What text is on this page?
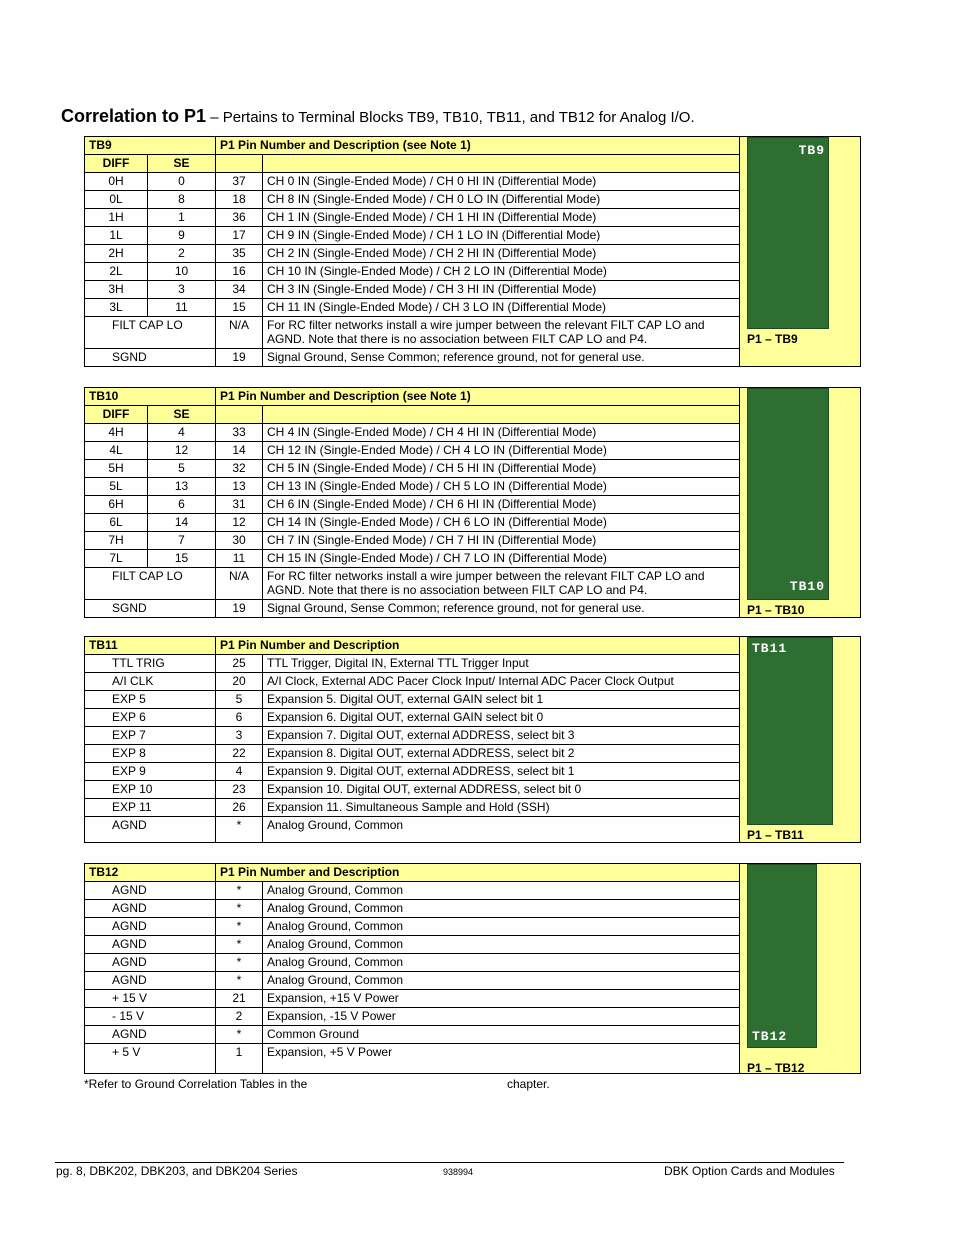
Correlation to P1 – Pertains to Terminal Blocks TB9, TB10, TB11, and TB12 for Analog I/O.
TB9		P1 Pin Number and Description (see Note 1)		TB9
P1 – TB9

DIFF	SE			
0H	0	37	CH 0 IN (Single-Ended Mode) / CH 0 HI IN (Differential Mode)	
0L	8	18	CH 8 IN (Single-Ended Mode) / CH 0 LO IN (Differential Mode)	
1H	1	36	CH 1 IN (Single-Ended Mode) / CH 1 HI IN (Differential Mode)	
1L	9	17	CH 9 IN (Single-Ended Mode) / CH 1 LO IN (Differential Mode)	
2H	2	35	CH 2 IN (Single-Ended Mode) / CH 2 HI IN (Differential Mode)	
2L	10	16	CH 10 IN (Single-Ended Mode) / CH 2 LO IN (Differential Mode)	
3H	3	34	CH 3 IN (Single-Ended Mode) / CH 3 HI IN (Differential Mode)	
3L	11	15	CH 11 IN (Single-Ended Mode) / CH 3 LO IN (Differential Mode)	
FILT CAP LO		N/A	For RC filter networks install a wire jumper between the relevant FILT CAP LO and AGND. Note that there is no association between FILT CAP LO and P4.	
SGND		19	Signal Ground, Sense Common; reference ground, not for general use.	
TB10		P1 Pin Number and Description (see Note 1)		TB10
P1 – TB10

DIFF	SE			
4H	4	33	CH 4 IN (Single-Ended Mode) / CH 4 HI IN (Differential Mode)	
4L	12	14	CH 12 IN (Single-Ended Mode) / CH 4 LO IN (Differential Mode)	
5H	5	32	CH 5 IN (Single-Ended Mode) / CH 5 HI IN (Differential Mode)	
5L	13	13	CH 13 IN (Single-Ended Mode) / CH 5 LO IN (Differential Mode)	
6H	6	31	CH 6 IN (Single-Ended Mode) / CH 6 HI IN (Differential Mode)	
6L	14	12	CH 14 IN (Single-Ended Mode) / CH 6 LO IN (Differential Mode)	
7H	7	30	CH 7 IN (Single-Ended Mode) / CH 7 HI IN (Differential Mode)	
7L	15	11	CH 15 IN (Single-Ended Mode) / CH 7 LO IN (Differential Mode)	
FILT CAP LO		N/A	For RC filter networks install a wire jumper between the relevant FILT CAP LO and AGND. Note that there is no association between FILT CAP LO and P4.	
SGND		19	Signal Ground, Sense Common; reference ground, not for general use.	
TB11	P1 Pin Number and Description		TB11
P1 – TB11

TTL TRIG	25	TTL Trigger, Digital IN, External TTL Trigger Input	
A/I CLK	20	A/I Clock, External ADC Pacer Clock Input/ Internal ADC Pacer Clock Output	
EXP 5	5	Expansion 5. Digital OUT, external GAIN select bit 1	
EXP 6	6	Expansion 6. Digital OUT, external GAIN select bit 0	
EXP 7	3	Expansion 7. Digital OUT, external ADDRESS, select bit 3	
EXP 8	22	Expansion 8. Digital OUT, external ADDRESS, select bit 2	
EXP 9	4	Expansion 9. Digital OUT, external ADDRESS, select bit 1	
EXP 10	23	Expansion 10. Digital OUT, external ADDRESS, select bit 0	
EXP 11	26	Expansion 11. Simultaneous Sample and Hold (SSH)	
AGND	*	Analog Ground, Common	
TB12	P1 Pin Number and Description		TB12
P1 – TB12

AGND	*	Analog Ground, Common	
AGND	*	Analog Ground, Common	
AGND	*	Analog Ground, Common	
AGND	*	Analog Ground, Common	
AGND	*	Analog Ground, Common	
AGND	*	Analog Ground, Common	
+ 15 V	21	Expansion, +15 V Power	
- 15 V	2	Expansion, -15 V Power	
AGND	*	Common Ground	
+ 5 V	1	Expansion, +5 V Power	
*Refer to Ground Correlation Tables in the	chapter.
pg. 8, DBK202, DBK203, and DBK204 Series	938994	DBK Option Cards and Modules
